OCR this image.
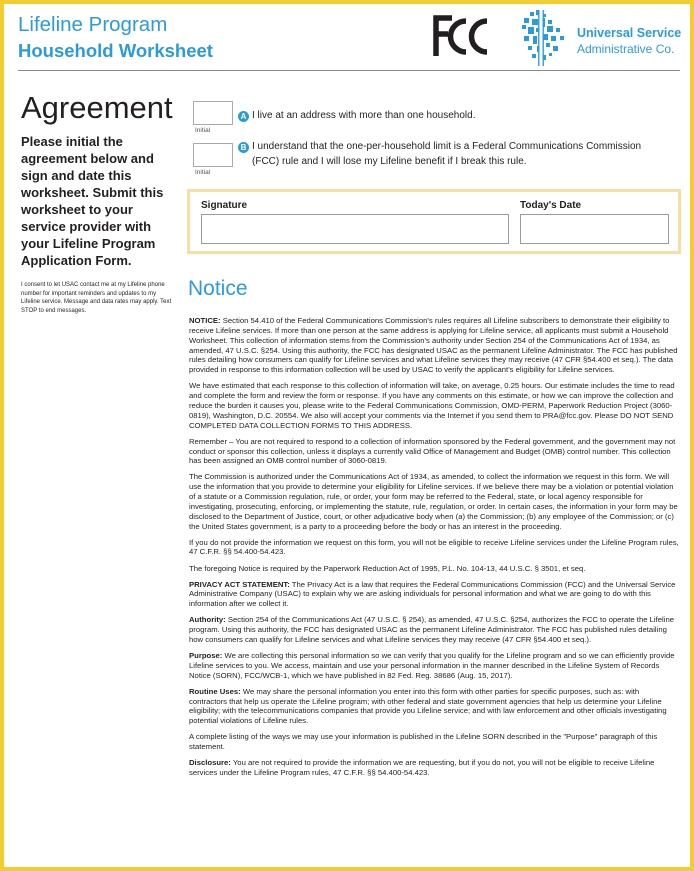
Lifeline Program
Household Worksheet
Universal Service
Administrative Co.
Agreement
Please initial the agreement below and sign and date this worksheet. Submit this worksheet to your service provider with your Lifeline Program Application Form.
I consent to let USAC contact me at my Lifeline phone number for important reminders and updates to my Lifeline service. Message and data rates may apply. Text STOP to end messages.
Initial
A I live at an address with more than one household.
Initial
B I understand that the one-per-household limit is a Federal Communications Commission
(FCC) rule and I will lose my Lifeline benefit if I break this rule.
Signature	Today's Date
Notice

NOTICE: Section 54.410 of the Federal Communications Commission's rules requires all Lifeline subscribers to demonstrate their eligibility to receive Lifeline services. If more than one person at the same address is applying for Lifeline service, all applicants must submit a Household Worksheet. This collection of information stems from the Commission's authority under Section 254 of the Communications Act of 1934, as amended, 47 U.S.C. §254. Using this authority, the FCC has designated USAC as the permanent Lifeline Administrator. The FCC has published rules detailing how consumers can qualify for Lifeline services and what Lifeline services they may receive (47 CFR §54.400 et seq.). The data provided in response to this information collection will be used by USAC to verify the applicant's eligibility for Lifeline services.

We have estimated that each response to this collection of information will take, on average, 0.25 hours. Our estimate includes the time to read and complete the form and review the form or response. If you have any comments on this estimate, or how we can improve the collection and reduce the burden it causes you, please write to the Federal Communications Commission, OMD-PERM, Paperwork Reduction Project (3060-0819), Washington, D.C. 20554. We also will accept your comments via the Internet if you send them to PRA@fcc.gov. Please DO NOT SEND COMPLETED DATA COLLECTION FORMS TO THIS ADDRESS.

Remember – You are not required to respond to a collection of information sponsored by the Federal government, and the government may not conduct or sponsor this collection, unless it displays a currently valid Office of Management and Budget (OMB) control number. This collection has been assigned an OMB control number of 3060-0819.

The Commission is authorized under the Communications Act of 1934, as amended, to collect the information we request in this form. We will use the information that you provide to determine your eligibility for Lifeline services. If we believe there may be a violation or potential violation of a statute or a Commission regulation, rule, or order, your form may be referred to the Federal, state, or local agency responsible for investigating, prosecuting, enforcing, or implementing the statute, rule, regulation, or order. In certain cases, the information in your form may be disclosed to the Department of Justice, court, or other adjudicative body when (a) the Commission; (b) any employee of the Commission; or (c) the United States government, is a party to a proceeding before the body or has an interest in the proceeding.

If you do not provide the information we request on this form, you will not be eligible to receive Lifeline services under the Lifeline Program rules, 47 C.F.R. §§ 54.400-54.423.

The foregoing Notice is required by the Paperwork Reduction Act of 1995, P.L. No. 104-13, 44 U.S.C. § 3501, et seq.

PRIVACY ACT STATEMENT: The Privacy Act is a law that requires the Federal Communications Commission (FCC) and the Universal Service Administrative Company (USAC) to explain why we are asking individuals for personal information and what we are going to do with this information after we collect it.

Authority: Section 254 of the Communications Act (47 U.S.C. § 254), as amended, 47 U.S.C. §254, authorizes the FCC to operate the Lifeline program. Using this authority, the FCC has designated USAC as the permanent Lifeline Administrator. The FCC has published rules detailing how consumers can qualify for Lifeline services and what Lifeline services they may receive (47 CFR §54.400 et seq.).

Purpose: We are collecting this personal information so we can verify that you qualify for the Lifeline program and so we can efficiently provide Lifeline services to you. We access, maintain and use your personal information in the manner described in the Lifeline System of Records Notice (SORN), FCC/WCB-1, which we have published in 82 Fed. Reg. 38686 (Aug. 15, 2017).

Routine Uses: We may share the personal information you enter into this form with other parties for specific purposes, such as: with contractors that help us operate the Lifeline program; with other federal and state government agencies that help us determine your Lifeline eligibility; with the telecommunications companies that provide you Lifeline service; and with law enforcement and other officials investigating potential violations of Lifeline rules.

A complete listing of the ways we may use your information is published in the Lifeline SORN described in the "Purpose" paragraph of this statement.

Disclosure: You are not required to provide the information we are requesting, but if you do not, you will not be eligible to receive Lifeline services under the Lifeline Program rules, 47 C.F.R. §§ 54.400-54.423.
